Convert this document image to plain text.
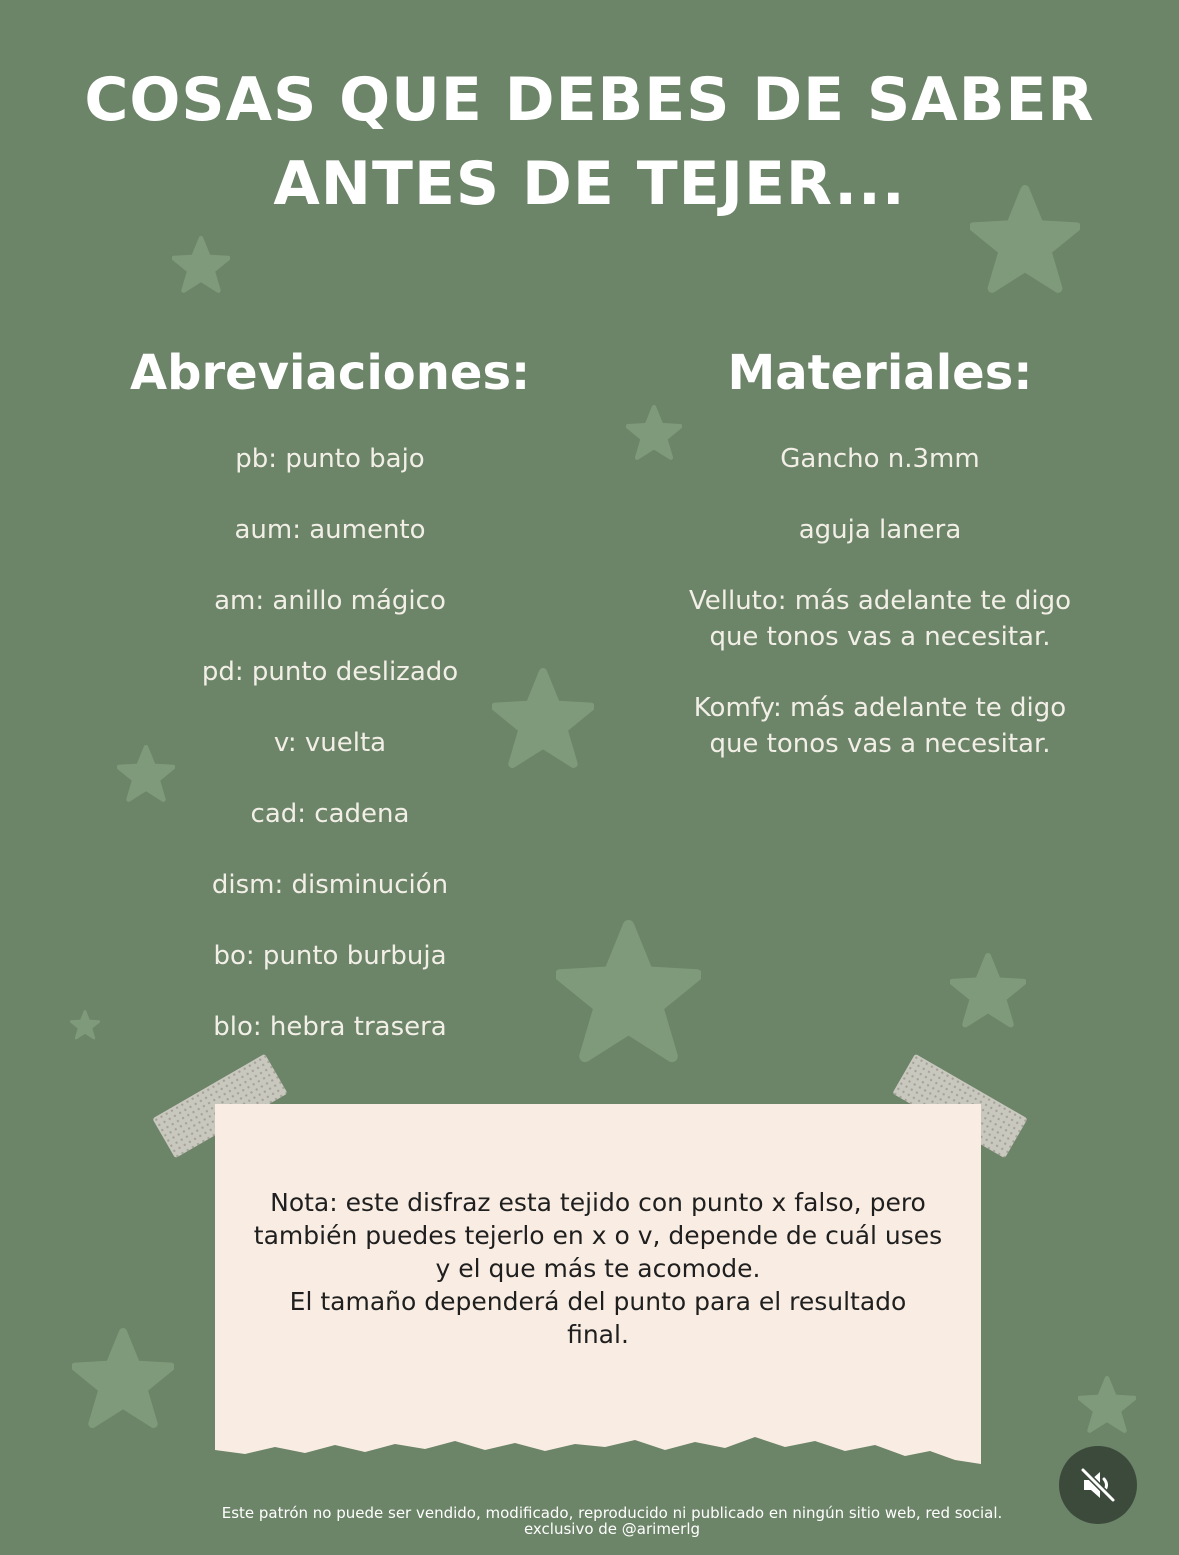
COSAS QUE DEBES DE SABER
ANTES DE TEJER...
Abreviaciones:
pb: punto bajo
aum: aumento
am: anillo mágico
pd: punto deslizado
v: vuelta
cad: cadena
dism: disminución
bo: punto burbuja
blo: hebra trasera
Materiales:
Gancho n.3mm
aguja lanera
Velluto: más adelante te digo que tonos vas a necesitar.
Komfy: más adelante te digo que tonos vas a necesitar.
Nota: este disfraz esta tejido con punto x falso, pero
también puedes tejerlo en x o v, depende de cuál uses
y el que más te acomode.
El tamaño dependerá del punto para el resultado
final.
Este patrón no puede ser vendido, modificado, reproducido ni publicado en ningún sitio web, red social.
exclusivo de @arimerlg
